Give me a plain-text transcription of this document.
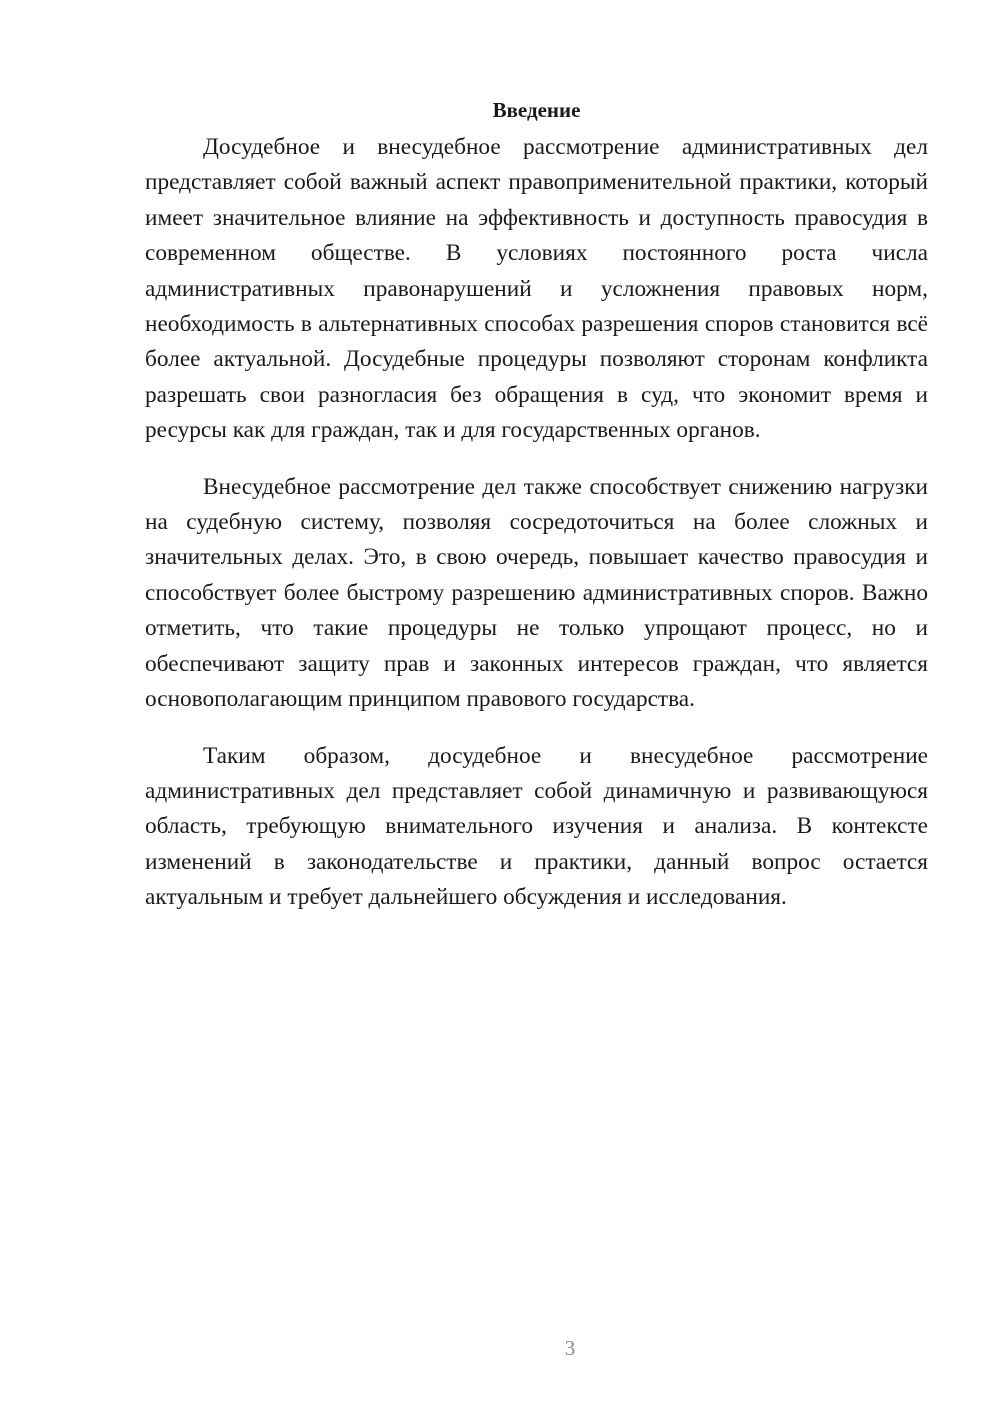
Введение

Досудебное и внесудебное рассмотрение административных дел представляет собой важный аспект правоприменительной практики, который имеет значительное влияние на эффективность и доступность правосудия в современном обществе. В условиях постоянного роста числа административных правонарушений и усложнения правовых норм, необходимость в альтернативных способах разрешения споров становится всё более актуальной. Досудебные процедуры позволяют сторонам конфликта разрешать свои разногласия без обращения в суд, что экономит время и ресурсы как для граждан, так и для государственных органов.

Внесудебное рассмотрение дел также способствует снижению нагрузки на судебную систему, позволяя сосредоточиться на более сложных и значительных делах. Это, в свою очередь, повышает качество правосудия и способствует более быстрому разрешению административных споров. Важно отметить, что такие процедуры не только упрощают процесс, но и обеспечивают защиту прав и законных интересов граждан, что является основополагающим принципом правового государства.

Таким образом, досудебное и внесудебное рассмотрение административных дел представляет собой динамичную и развивающуюся область, требующую внимательного изучения и анализа. В контексте изменений в законодательстве и практики, данный вопрос остается актуальным и требует дальнейшего обсуждения и исследования.

3
